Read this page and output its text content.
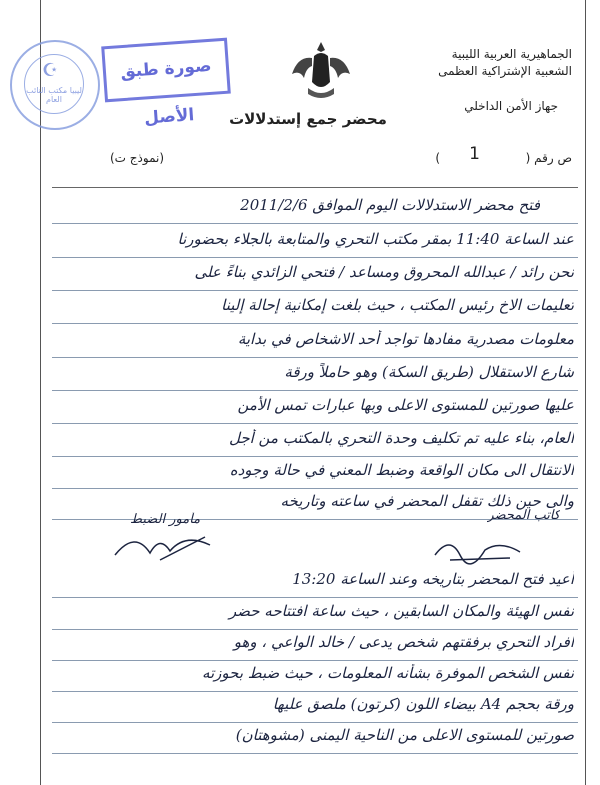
☪
ليبيا مكتب النائب العام
صورة طبق الأصل
الجماهيرية العربية الليبية
الشعبية الإشتراكية العظمى
جهاز الأمن الداخلي
محضر جمع إستدلالات
ص رقم (
1
)
(نموذج ت)
فتح محضر الاستدلالات اليوم الموافق 2011/2/6
عند الساعة 11:40 بمقر مكتب التحري والمتابعة بالجلاء بحضورنا
نحن رائد / عبدالله المحروق ومساعد / فتحي الزائدي بناءً على
تعليمات الاخ رئيس المكتب ، حيث بلغت إمكانية إحالة إلينا
معلومات مصدرية مفادها تواجد أحد الاشخاص في بداية
شارع الاستقلال (طريق السكة) وهو حاملاً ورقة
عليها صورتين للمستوى الاعلى وبها عبارات تمس الأمن
العام، بناء عليه تم تكليف وحدة التحري بالمكتب من أجل
الانتقال الى مكان الواقعة وضبط المعني في حالة وجوده
والى حين ذلك تقفل المحضر في ساعته وتاريخه
أعيد فتح المحضر بتاريخه وعند الساعة 13:20
نفس الهيئة والمكان السابقين ، حيث ساعة افتتاحه حضر
افراد التحري برفقتهم شخص يدعى / خالد الواعي ، وهو
نفس الشخص الموفرة بشأنه المعلومات ، حيث ضبط بحوزته
ورقة بحجم A4 بيضاء اللون (كرتون) ملصق عليها
صورتين للمستوى الاعلى من الناحية اليمنى (مشوهتان)
كاتب المحضر
مأمور الضبط
